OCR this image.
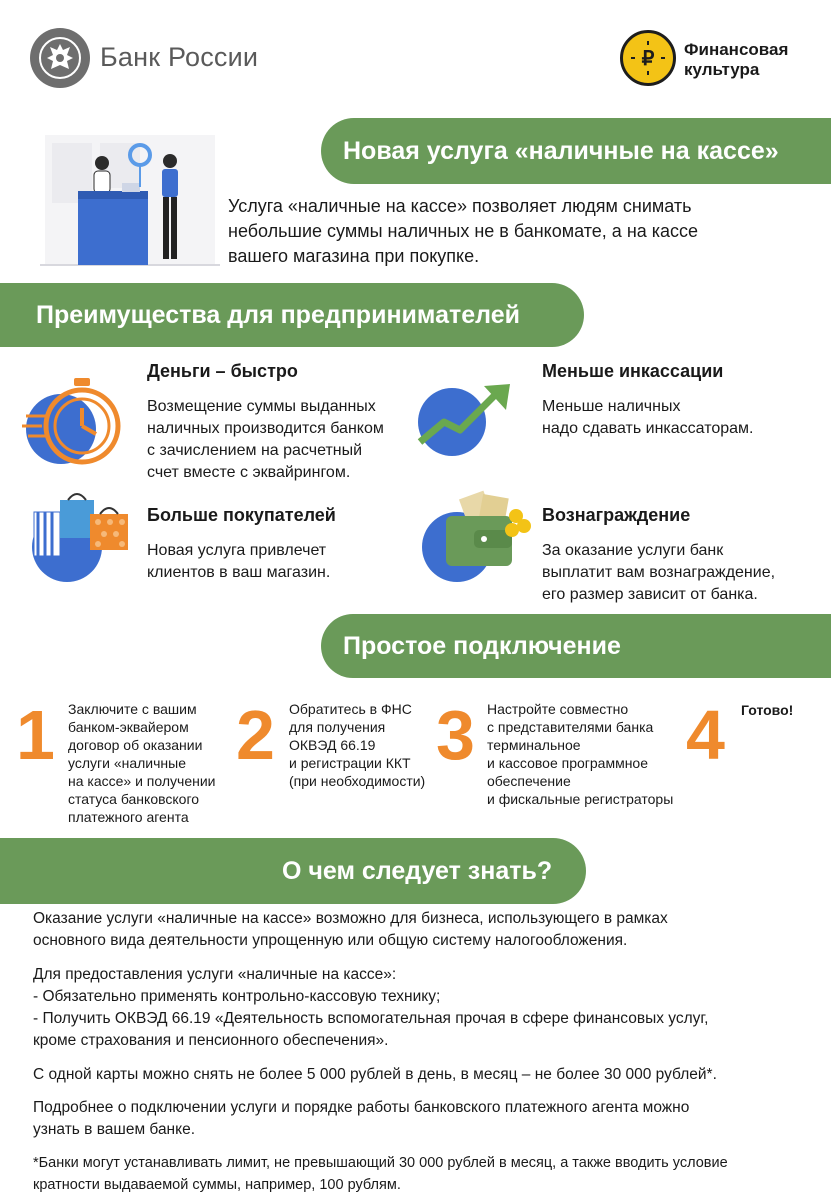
Банк России	₽ Финансовая
культура
Новая услуга «наличные на кассе»
Услуга «наличные на кассе» позволяет людям снимать
небольшие суммы наличных не в банкомате, а на кассе
вашего магазина при покупке.
Преимущества для предпринимателей
Деньги – быстро
Возмещение суммы выданных
наличных производится банком
с зачислением на расчетный
счет вместе с эквайрингом.
Меньше инкассации
Меньше наличных
надо сдавать инкассаторам.
Больше покупателей
Новая услуга привлечет
клиентов в ваш магазин.
Вознаграждение
За оказание услуги банк
выплатит вам вознаграждение,
его размер зависит от банка.
Простое подключение
1 Заключите с вашим
банком-эквайером
договор об оказании
услуги «наличные
на кассе» и получении
статуса банковского
платежного агента
2 Обратитесь в ФНС
для получения
ОКВЭД 66.19
и регистрации ККТ
(при необходимости)
3 Настройте совместно
с представителями банка
терминальное
и кассовое программное
обеспечение
и фискальные регистраторы
4 Готово!
О чем следует знать?
Оказание услуги «наличные на кассе» возможно для бизнеса, использующего в рамках
основного вида деятельности упрощенную или общую систему налогообложения.
Для предоставления услуги «наличные на кассе»:
- Обязательно применять контрольно-кассовую технику;
- Получить ОКВЭД 66.19 «Деятельность вспомогательная прочая в сфере финансовых услуг,
кроме страхования и пенсионного обеспечения».
С одной карты можно снять не более 5 000 рублей в день, в месяц – не более 30 000 рублей*.
Подробнее о подключении услуги и порядке работы банковского платежного агента можно
узнать в вашем банке.
*Банки могут устанавливать лимит, не превышающий 30 000 рублей в месяц, а также вводить условие
кратности выдаваемой суммы, например, 100 рублям.
